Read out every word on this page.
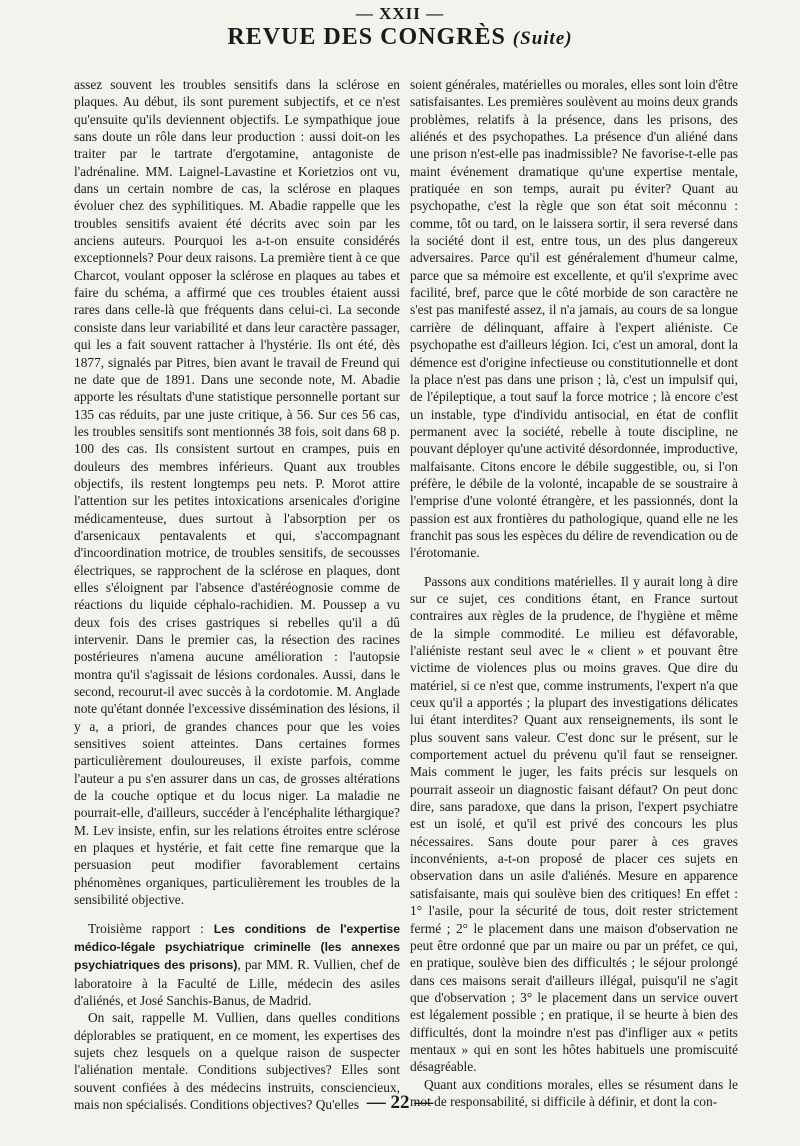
— XXII —
REVUE DES CONGRÈS (Suite)

assez souvent les troubles sensitifs dans la sclérose en plaques. Au début, ils sont purement subjectifs, et ce n'est qu'ensuite qu'ils deviennent objectifs. Le sympathique joue sans doute un rôle dans leur production : aussi doit-on les traiter par le tartrate d'ergotamine, antagoniste de l'adrénaline. MM. Laignel-Lavastine et Korietzios ont vu, dans un certain nombre de cas, la sclérose en plaques évoluer chez des syphilitiques. M. Abadie rappelle que les troubles sensitifs avaient été décrits avec soin par les anciens auteurs. Pourquoi les a-t-on ensuite considérés exceptionnels? Pour deux raisons. La première tient à ce que Charcot, voulant opposer la sclérose en plaques au tabes et faire du schéma, a affirmé que ces troubles étaient aussi rares dans celle-là que fréquents dans celui-ci. La seconde consiste dans leur variabilité et dans leur caractère passager, qui les a fait souvent rattacher à l'hystérie. Ils ont été, dès 1877, signalés par Pitres, bien avant le travail de Freund qui ne date que de 1891. Dans une seconde note, M. Abadie apporte les résultats d'une statistique personnelle portant sur 135 cas réduits, par une juste critique, à 56. Sur ces 56 cas, les troubles sensitifs sont mentionnés 38 fois, soit dans 68 p. 100 des cas. Ils consistent surtout en crampes, puis en douleurs des membres inférieurs. Quant aux troubles objectifs, ils restent longtemps peu nets. P. Morot attire l'attention sur les petites intoxications arsenicales d'origine médicamenteuse, dues surtout à l'absorption per os d'arsenicaux pentavalents et qui, s'accompagnant d'incoordination motrice, de troubles sensitifs, de secousses électriques, se rapprochent de la sclérose en plaques, dont elles s'éloignent par l'absence d'astéréognosie comme de réactions du liquide céphalo-rachidien. M. Poussep a vu deux fois des crises gastriques si rebelles qu'il a dû intervenir. Dans le premier cas, la résection des racines postérieures n'amena aucune amélioration : l'autopsie montra qu'il s'agissait de lésions cordonales. Aussi, dans le second, recourut-il avec succès à la cordotomie. M. Anglade note qu'étant donnée l'excessive dissémination des lésions, il y a, a priori, de grandes chances pour que les voies sensitives soient atteintes. Dans certaines formes particulièrement douloureuses, il existe parfois, comme l'auteur a pu s'en assurer dans un cas, de grosses altérations de la couche optique et du locus niger. La maladie ne pourrait-elle, d'ailleurs, succéder à l'encéphalite léthargique? M. Lev insiste, enfin, sur les relations étroites entre sclérose en plaques et hystérie, et fait cette fine remarque que la persuasion peut modifier favorablement certains phénomènes organiques, particulièrement les troubles de la sensibilité objective.

Troisième rapport : Les conditions de l'expertise médico-légale psychiatrique criminelle (les annexes psychiatriques des prisons), par MM. R. Vullien, chef de laboratoire à la Faculté de Lille, médecin des asiles d'aliénés, et José Sanchis-Banus, de Madrid.

On sait, rappelle M. Vullien, dans quelles conditions déplorables se pratiquent, en ce moment, les expertises des sujets chez lesquels on a quelque raison de suspecter l'aliénation mentale. Conditions subjectives? Elles sont souvent confiées à des médecins instruits, consciencieux, mais non spécialisés. Conditions objectives? Qu'elles

soient générales, matérielles ou morales, elles sont loin d'être satisfaisantes. Les premières soulèvent au moins deux grands problèmes, relatifs à la présence, dans les prisons, des aliénés et des psychopathes. La présence d'un aliéné dans une prison n'est-elle pas inadmissible? Ne favorise-t-elle pas maint événement dramatique qu'une expertise mentale, pratiquée en son temps, aurait pu éviter? Quant au psychopathe, c'est la règle que son état soit méconnu : comme, tôt ou tard, on le laissera sortir, il sera reversé dans la société dont il est, entre tous, un des plus dangereux adversaires. Parce qu'il est généralement d'humeur calme, parce que sa mémoire est excellente, et qu'il s'exprime avec facilité, bref, parce que le côté morbide de son caractère ne s'est pas manifesté assez, il n'a jamais, au cours de sa longue carrière de délinquant, affaire à l'expert aliéniste. Ce psychopathe est d'ailleurs légion. Ici, c'est un amoral, dont la démence est d'origine infectieuse ou constitutionnelle et dont la place n'est pas dans une prison ; là, c'est un impulsif qui, de l'épileptique, a tout sauf la force motrice ; là encore c'est un instable, type d'individu antisocial, en état de conflit permanent avec la société, rebelle à toute discipline, ne pouvant déployer qu'une activité désordonnée, improductive, malfaisante. Citons encore le débile suggestible, ou, si l'on préfère, le débile de la volonté, incapable de se soustraire à l'emprise d'une volonté étrangère, et les passionnés, dont la passion est aux frontières du pathologique, quand elle ne les franchit pas sous les espèces du délire de revendication ou de l'érotomanie.

Passons aux conditions matérielles. Il y aurait long à dire sur ce sujet, ces conditions étant, en France surtout contraires aux règles de la prudence, de l'hygiène et même de la simple commodité. Le milieu est défavorable, l'aliéniste restant seul avec le « client » et pouvant être victime de violences plus ou moins graves. Que dire du matériel, si ce n'est que, comme instruments, l'expert n'a que ceux qu'il a apportés ; la plupart des investigations délicates lui étant interdites? Quant aux renseignements, ils sont le plus souvent sans valeur. C'est donc sur le présent, sur le comportement actuel du prévenu qu'il faut se renseigner. Mais comment le juger, les faits précis sur lesquels on pourrait asseoir un diagnostic faisant défaut? On peut donc dire, sans paradoxe, que dans la prison, l'expert psychiatre est un isolé, et qu'il est privé des concours les plus nécessaires. Sans doute pour parer à ces graves inconvénients, a-t-on proposé de placer ces sujets en observation dans un asile d'aliénés. Mesure en apparence satisfaisante, mais qui soulève bien des critiques! En effet : 1° l'asile, pour la sécurité de tous, doit rester strictement fermé ; 2° le placement dans une maison d'observation ne peut être ordonné que par un maire ou par un préfet, ce qui, en pratique, soulève bien des difficultés ; le séjour prolongé dans ces maisons serait d'ailleurs illégal, puisqu'il ne s'agit que d'observation ; 3° le placement dans un service ouvert est légalement possible ; en pratique, il se heurte à bien des difficultés, dont la moindre n'est pas d'infliger aux « petits mentaux » qui en sont les hôtes habituels une promiscuité désagréable.

Quant aux conditions morales, elles se résument dans le mot de responsabilité, si difficile à définir, et dont la con-

— 22 —
